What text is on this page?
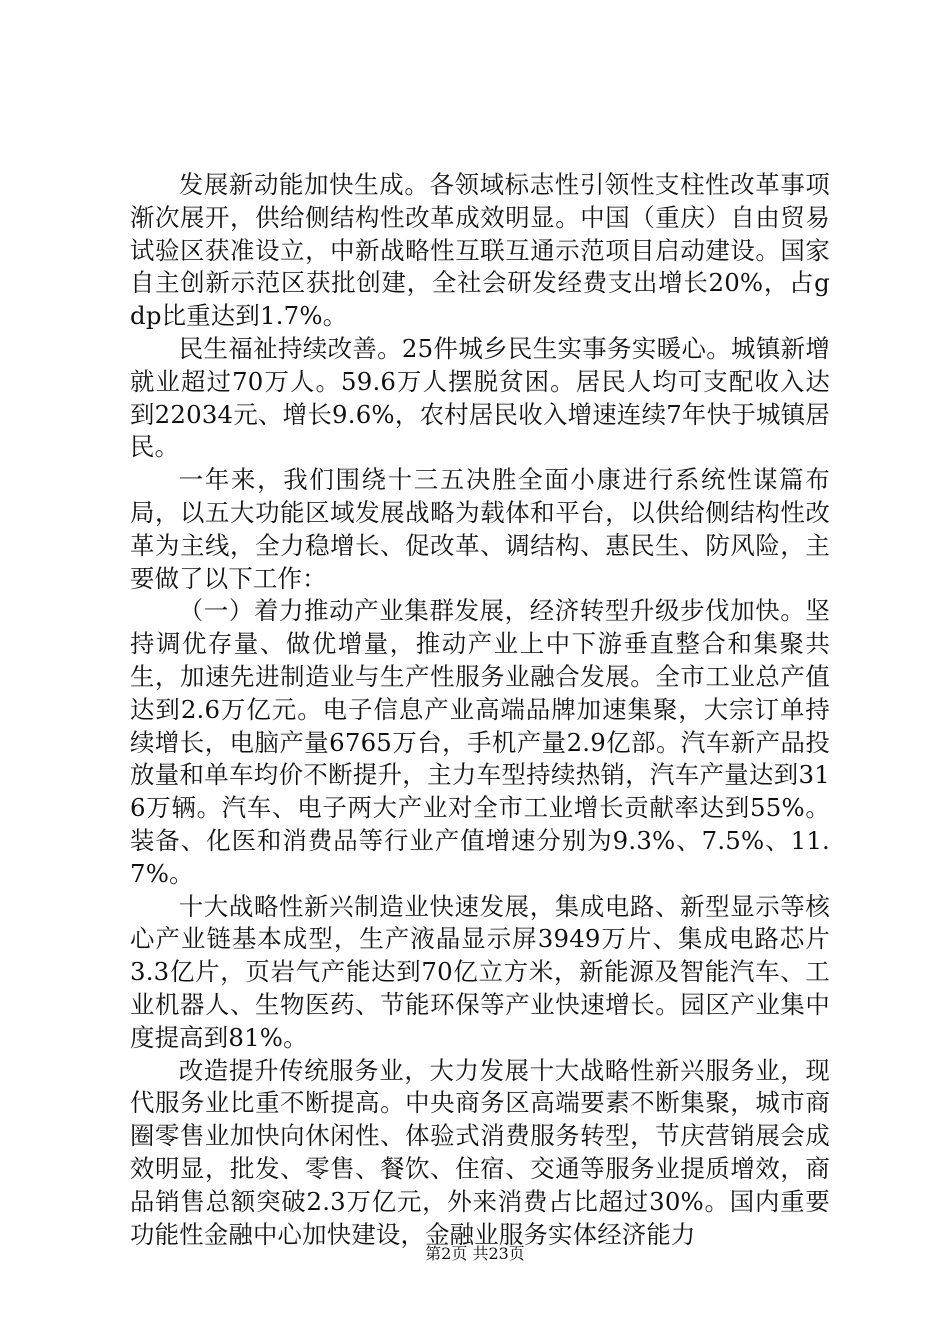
发展新动能加快生成。各领域标志性引领性支柱性改革事项渐次展开，供给侧结构性改革成效明显。中国（重庆）自由贸易试验区获准设立，中新战略性互联互通示范项目启动建设。国家自主创新示范区获批创建，全社会研发经费支出增长20%，占gdp比重达到1.7%。

民生福祉持续改善。25件城乡民生实事务实暖心。城镇新增就业超过70万人。59.6万人摆脱贫困。居民人均可支配收入达到22034元、增长9.6%，农村居民收入增速连续7年快于城镇居民。

一年来，我们围绕十三五决胜全面小康进行系统性谋篇布局，以五大功能区域发展战略为载体和平台，以供给侧结构性改革为主线，全力稳增长、促改革、调结构、惠民生、防风险，主要做了以下工作：

（一）着力推动产业集群发展，经济转型升级步伐加快。坚持调优存量、做优增量，推动产业上中下游垂直整合和集聚共生，加速先进制造业与生产性服务业融合发展。全市工业总产值达到2.6万亿元。电子信息产业高端品牌加速集聚，大宗订单持续增长，电脑产量6765万台，手机产量2.9亿部。汽车新产品投放量和单车均价不断提升，主力车型持续热销，汽车产量达到316万辆。汽车、电子两大产业对全市工业增长贡献率达到55%。装备、化医和消费品等行业产值增速分别为9.3%、7.5%、11.7%。

十大战略性新兴制造业快速发展，集成电路、新型显示等核心产业链基本成型，生产液晶显示屏3949万片、集成电路芯片3.3亿片，页岩气产能达到70亿立方米，新能源及智能汽车、工业机器人、生物医药、节能环保等产业快速增长。园区产业集中度提高到81%。

改造提升传统服务业，大力发展十大战略性新兴服务业，现代服务业比重不断提高。中央商务区高端要素不断集聚，城市商圈零售业加快向休闲性、体验式消费服务转型，节庆营销展会成效明显，批发、零售、餐饮、住宿、交通等服务业提质增效，商品销售总额突破2.3万亿元，外来消费占比超过30%。国内重要功能性金融中心加快建设，金融业服务实体经济能力

第2页 共23页
